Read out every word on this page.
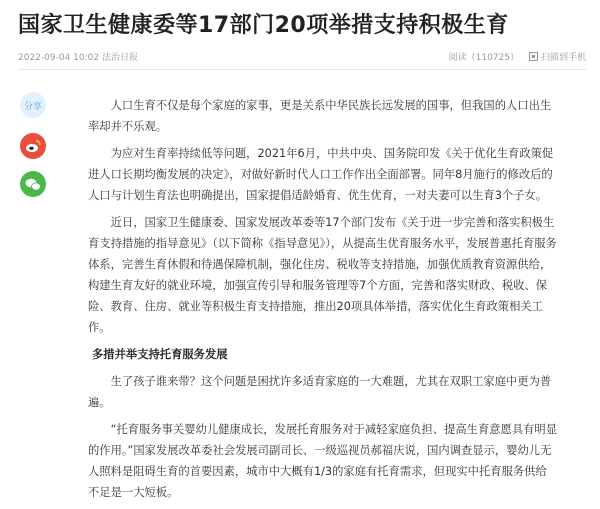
国家卫生健康委等17部门20项举措支持积极生育
2022-09-04 10:02 法治日报	阅读（110725） 扫描到手机
分享	人口生育不仅是每个家庭的家事，更是关系中华民族长远发展的国事，但我国的人口出生率却并不乐观。

为应对生育率持续低等问题，2021年6月，中共中央、国务院印发《关于优化生育政策促进人口长期均衡发展的决定》，对做好新时代人口工作作出全面部署。同年8月施行的修改后的人口与计划生育法也明确提出，国家提倡适龄婚育、优生优育，一对夫妻可以生育3个子女。

近日，国家卫生健康委、国家发展改革委等17个部门发布《关于进一步完善和落实积极生育支持措施的指导意见》（以下简称《指导意见》），从提高生优育服务水平，发展普惠托育服务体系，完善生育休假和待遇保障机制，强化住房、税收等支持措施，加强优质教育资源供给，构建生育友好的就业环境，加强宣传引导和服务管理等7个方面，完善和落实财政、税收、保险、教育、住房、就业等积极生育支持措施，推出20项具体举措，落实优化生育政策相关工作。

多措并举支持托育服务发展

生了孩子谁来带？这个问题是困扰许多适育家庭的一大难题，尤其在双职工家庭中更为普遍。

“托育服务事关婴幼儿健康成长，发展托育服务对于减轻家庭负担、提高生育意愿具有明显的作用。”国家发展改革委社会发展司副司长、一级巡视员郝福庆说，国内调查显示，婴幼儿无人照料是阻碍生育的首要因素，城市中大概有1/3的家庭有托育需求，但现实中托育服务供给不足是一大短板。
